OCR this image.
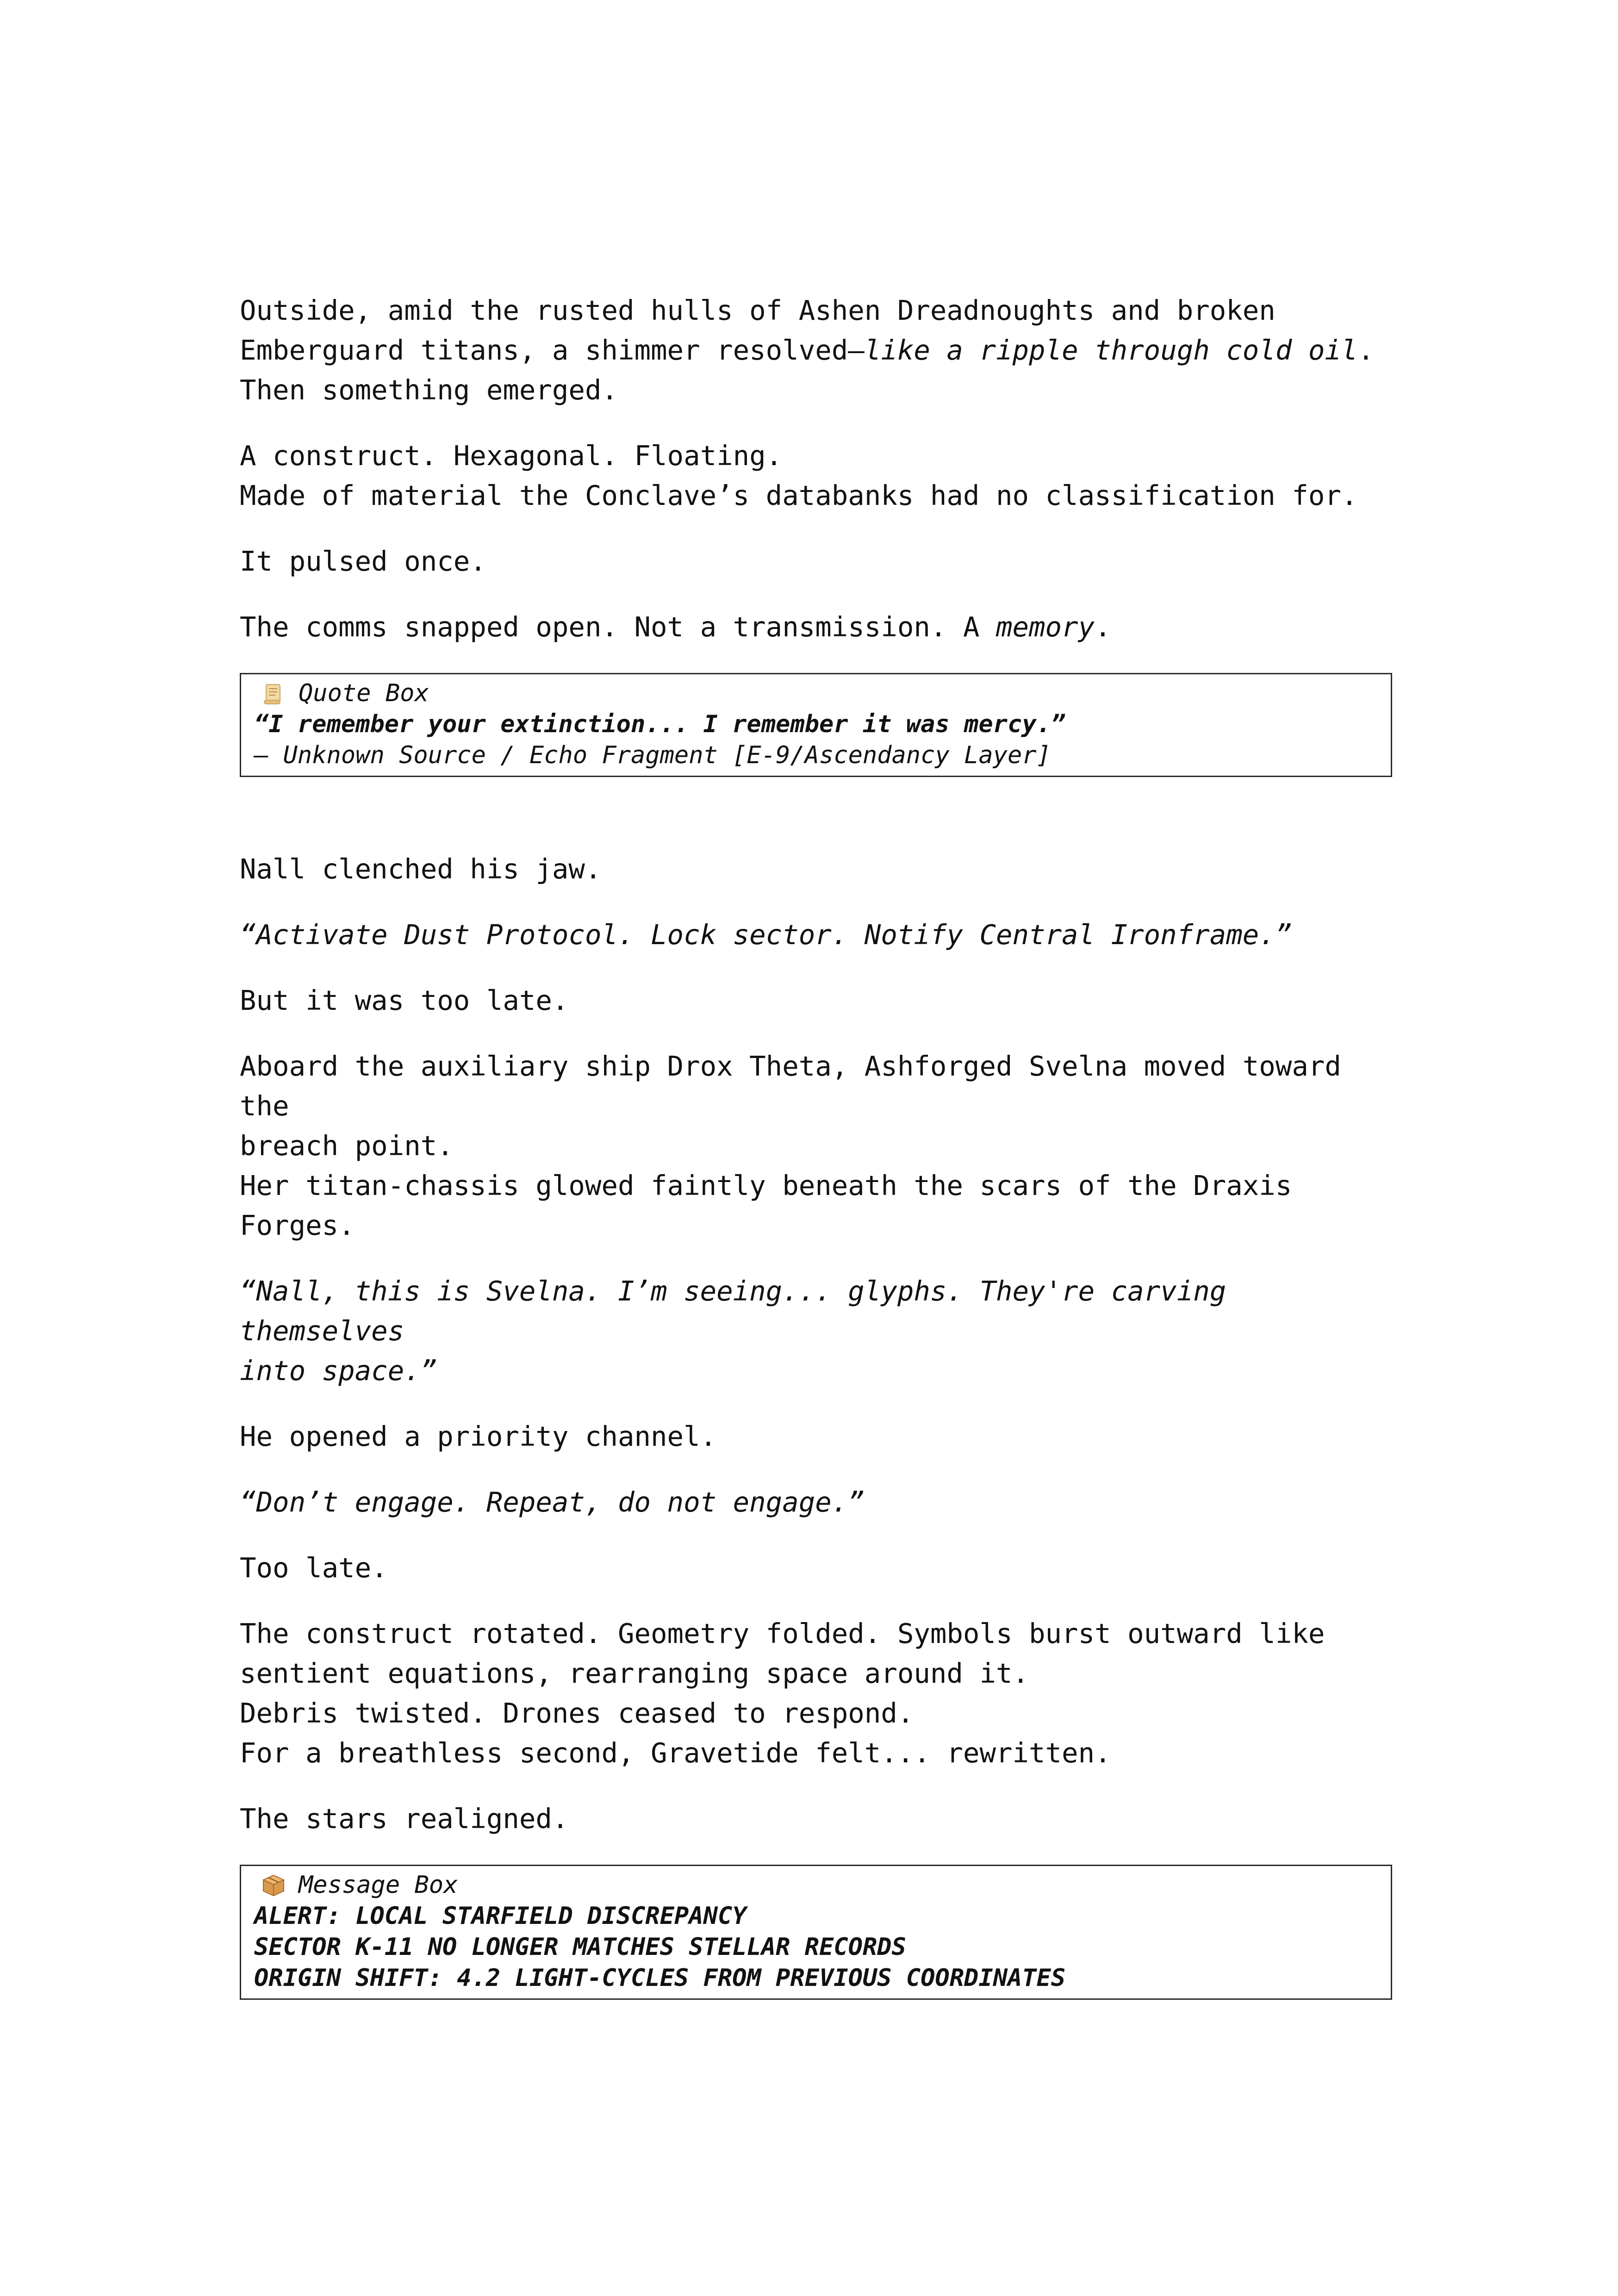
Outside, amid the rusted hulls of Ashen Dreadnoughts and broken
Emberguard titans, a shimmer resolved—like a ripple through cold oil.
Then something emerged.

A construct. Hexagonal. Floating.
Made of material the Conclave’s databanks had no classification for.

It pulsed once.

The comms snapped open. Not a transmission. A memory.

Quote Box
“I remember your extinction... I remember it was mercy.”
— Unknown Source / Echo Fragment [E-9/Ascendancy Layer]

Nall clenched his jaw.

“Activate Dust Protocol. Lock sector. Notify Central Ironframe.”

But it was too late.

Aboard the auxiliary ship Drox Theta, Ashforged Svelna moved toward the
breach point.
Her titan-chassis glowed faintly beneath the scars of the Draxis
Forges.

“Nall, this is Svelna. I’m seeing... glyphs. They're carving themselves
into space.”

He opened a priority channel.

“Don’t engage. Repeat, do not engage.”

Too late.

The construct rotated. Geometry folded. Symbols burst outward like
sentient equations, rearranging space around it.
Debris twisted. Drones ceased to respond.
For a breathless second, Gravetide felt... rewritten.

The stars realigned.

Message Box
ALERT: LOCAL STARFIELD DISCREPANCY
SECTOR K-11 NO LONGER MATCHES STELLAR RECORDS
ORIGIN SHIFT: 4.2 LIGHT-CYCLES FROM PREVIOUS COORDINATES
